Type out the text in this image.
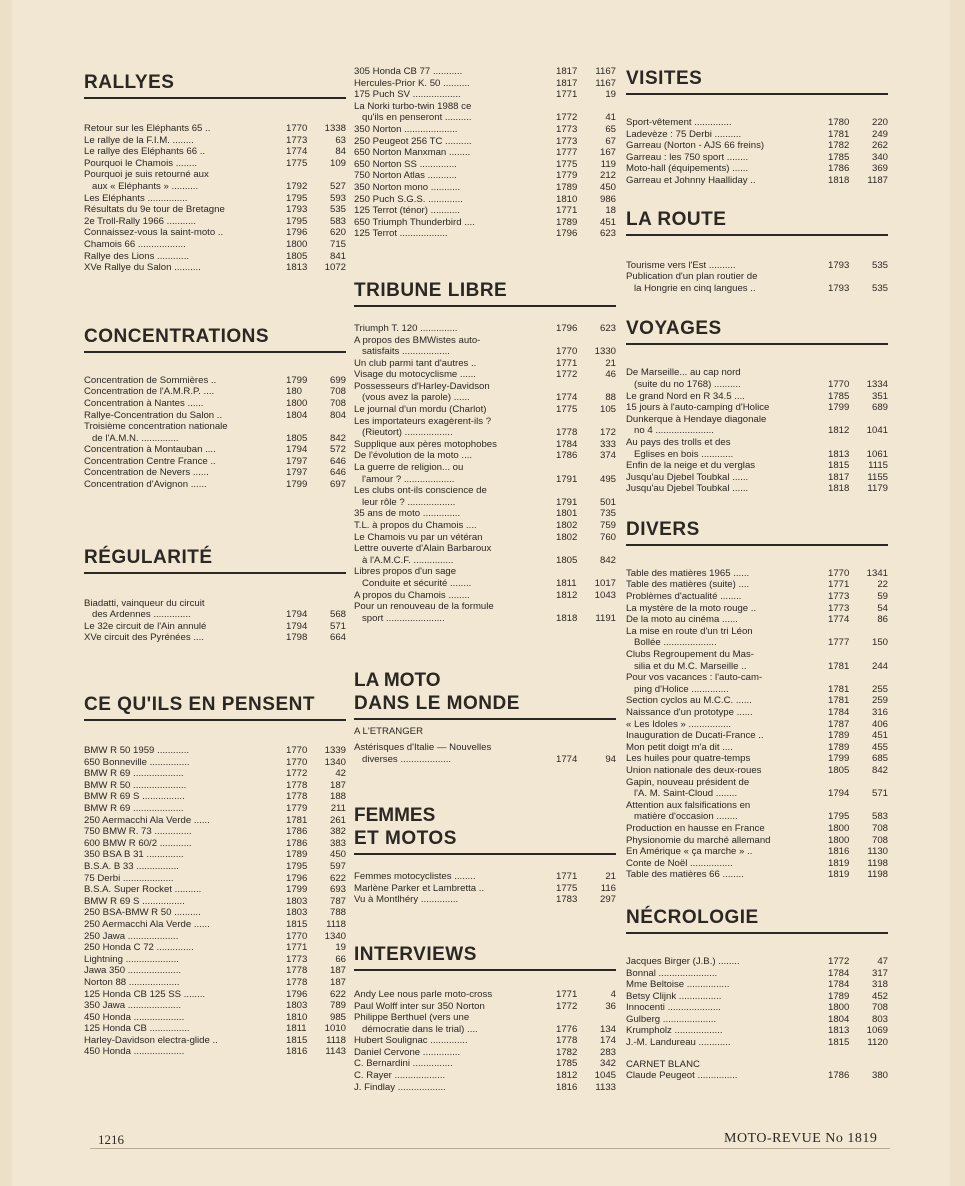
RALLYES
Retour sur les Eléphants 65 ..	1770	1338
Le rallye de la F.I.M. ........	1773	63
Le rallye des Eléphants 66 ..	1774	84
Pourquoi le Chamois ........	1775	109
Pourquoi je suis retourné aux
aux « Eléphants » ..........	1792	527
Les Eléphants ...............	1795	593
Résultats du 9e tour de Bretagne	1793	535
2e Troll-Rally 1966 ...........	1795	583
Connaissez-vous la saint-moto ..	1796	620
Chamois 66 ..................	1800	715
Rallye des Lions ............	1805	841
XVe Rallye du Salon ..........	1813	1072
CONCENTRATIONS
Concentration de Sommières ..	1799	699
Concentration de l'A.M.R.P. ....	180	708
Concentration à Nantes ......	1800	708
Rallye-Concentration du Salon ..	1804	804
Troisième concentration nationale
de l'A.M.N. ..............	1805	842
Concentration à Montauban ....	1794	572
Concentration Centre France ..	1797	646
Concentration de Nevers ......	1797	646
Concentration d'Avignon ......	1799	697
RÉGULARITÉ
Biadatti, vainqueur du circuit
des Ardennes ..............	1794	568
Le 32e circuit de l'Ain annulé	1794	571
XVe circuit des Pyrénées ....	1798	664
CE QU'ILS EN PENSENT
BMW R 50 1959 ............	1770	1339
650 Bonneville ...............	1770	1340
BMW R 69 ...................	1772	42
BMW R 50 ....................	1778	187
BMW R 69 S ................	1778	188
BMW R 69 ...................	1779	211
250 Aermacchi Ala Verde ......	1781	261
750 BMW R. 73 ..............	1786	382
600 BMW R 60/2 ............	1786	383
350 BSA B 31 ..............	1789	450
B.S.A. B 33 ................	1795	597
75 Derbi ...................	1796	622
B.S.A. Super Rocket ..........	1799	693
BMW R 69 S ................	1803	787
250 BSA-BMW R 50 ..........	1803	788
250 Aermacchi Ala Verde ......	1815	1118
250 Jawa ...................	1770	1340
250 Honda C 72 ..............	1771	19
Lightning ....................	1773	66
Jawa 350 ....................	1778	187
Norton 88 ...................	1778	187
125 Honda CB 125 SS ........	1796	622
350 Jawa ....................	1803	789
450 Honda ...................	1810	985
125 Honda CB ...............	1811	1010
Harley-Davidson electra-glide ..	1815	1118
450 Honda ...................	1816	1143
305 Honda CB 77 ...........	1817	1167
Hercules-Prior K. 50 ..........	1817	1167
175 Puch SV ..................	1771	19
La Norki turbo-twin 1988 ce
qu'ils en penseront ..........	1772	41
350 Norton ....................	1773	65
250 Peugeot 256 TC ..........	1773	67
650 Norton Manxman ........	1777	167
650 Norton SS ..............	1775	119
750 Norton Atlas ...........	1779	212
350 Norton mono ...........	1789	450
250 Puch S.G.S. .............	1810	986
125 Terrot (ténor) ...........	1771	18
650 Triumph Thunderbird ....	1789	451
125 Terrot ..................	1796	623
TRIBUNE LIBRE
Triumph T. 120 ..............	1796	623
A propos des BMWistes auto-
satisfaits ..................	1770	1330
Un club parmi tant d'autres ..	1771	21
Visage du motocyclisme ......	1772	46
Possesseurs d'Harley-Davidson
(vous avez la parole) ......	1774	88
Le journal d'un mordu (Charlot)	1775	105
Les importateurs exagèrent-ils ?
(Rieutort) ..................	1778	172
Supplique aux pères motophobes	1784	333
De l'évolution de la moto ....	1786	374
La guerre de religion... ou
l'amour ? ...................	1791	495
Les clubs ont-ils conscience de
leur rôle ? ..................	1791	501
35 ans de moto ..............	1801	735
T.L. à propos du Chamois ....	1802	759
Le Chamois vu par un vétéran	1802	760
Lettre ouverte d'Alain Barbaroux
à l'A.M.C.F. ...............	1805	842
Libres propos d'un sage
Conduite et sécurité ........	1811	1017
A propos du Chamois ........	1812	1043
Pour un renouveau de la formule
sport ......................	1818	1191
LA MOTO
DANS LE MONDE
A L'ETRANGER
Astérisques d'Italie — Nouvelles
diverses ...................	1774	94
FEMMES
ET MOTOS
Femmes motocyclistes ........	1771	21
Marlène Parker et Lambretta ..	1775	116
Vu à Montlhéry ..............	1783	297
INTERVIEWS
Andy Lee nous parle moto-cross	1771	4
Paul Wolff inter sur 350 Norton	1772	36
Philippe Berthuel (vers une
démocratie dans le trial) ....	1776	134
Hubert Soulignac ..............	1778	174
Daniel Cervone ..............	1782	283
C. Bernardini ...............	1785	342
C. Rayer ...................	1812	1045
J. Findlay ..................	1816	1133
VISITES
Sport-vêtement ..............	1780	220
Ladevèze : 75 Derbi ..........	1781	249
Garreau (Norton - AJS 66 freins)	1782	262
Garreau : les 750 sport ........	1785	340
Moto-hall (équipements) ......	1786	369
Garreau et Johnny Haalliday ..	1818	1187
LA ROUTE
Tourisme vers l'Est ..........	1793	535
Publication d'un plan routier de
la Hongrie en cinq langues ..	1793	535
VOYAGES
De Marseille... au cap nord
(suite du no 1768) ..........	1770	1334
Le grand Nord en R 34.5 ....	1785	351
15 jours à l'auto-camping d'Holice	1799	689
Dunkerque à Hendaye diagonale
no 4 ......................	1812	1041
Au pays des trolls et des
Eglises en bois ............	1813	1061
Enfin de la neige et du verglas	1815	1115
Jusqu'au Djebel Toubkal ......	1817	1155
Jusqu'au Djebel Toubkal ......	1818	1179
DIVERS
Table des matières 1965 ......	1770	1341
Table des matières (suite) ....	1771	22
Problèmes d'actualité ........	1773	59
La mystère de la moto rouge ..	1773	54
De la moto au cinéma ......	1774	86
La mise en route d'un tri Léon
Bollée ....................	1777	150
Clubs Regroupement du Mas-
silia et du M.C. Marseille ..	1781	244
Pour vos vacances : l'auto-cam-
ping d'Holice ..............	1781	255
Section cyclos au M.C.C. ......	1781	259
Naissance d'un prototype ......	1784	316
« Les Idoles » ................	1787	406
Inauguration de Ducati-France ..	1789	451
Mon petit doigt m'a dit ....	1789	455
Les huiles pour quatre-temps	1799	685
Union nationale des deux-roues	1805	842
Gapin, nouveau président de
l'A. M. Saint-Cloud ........	1794	571
Attention aux falsifications en
matière d'occasion ........	1795	583
Production en hausse en France	1800	708
Physionomie du marché allemand	1800	708
En Amérique « ça marche » ..	1816	1130
Conte de Noël ................	1819	1198
Table des matières 66 ........	1819	1198
NÉCROLOGIE
Jacques Birger (J.B.) ........	1772	47
Bonnal ......................	1784	317
Mme Beltoise ................	1784	318
Betsy Clijnk ................	1789	452
Innocenti ....................	1800	708
Gulberg ....................	1804	803
Krumpholz ..................	1813	1069
J.-M. Landureau ............	1815	1120
CARNET BLANC
Claude Peugeot ...............	1786	380
1216	MOTO-REVUE No 1819
